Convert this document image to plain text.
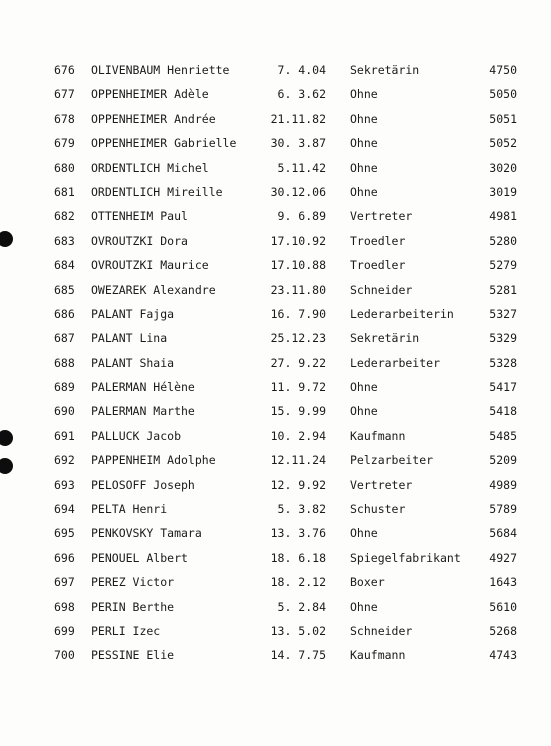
676 OLIVENBAUM Henriette	7. 4.04 Sekretärin	4750
677 OPPENHEIMER Adèle	6. 3.62 Ohne	5050
678 OPPENHEIMER Andrée	21.11.82 Ohne	5051
679 OPPENHEIMER Gabrielle	30. 3.87 Ohne	5052
680 ORDENTLICH Michel	5.11.42 Ohne	3020
681 ORDENTLICH Mireille	30.12.06 Ohne	3019
682 OTTENHEIM Paul	9. 6.89 Vertreter	4981
683 OVROUTZKI Dora	17.10.92 Troedler	5280
684 OVROUTZKI Maurice	17.10.88 Troedler	5279
685 OWEZAREK Alexandre	23.11.80 Schneider	5281
686 PALANT Fajga	16. 7.90 Lederarbeiterin	5327
687 PALANT Lina	25.12.23 Sekretärin	5329
688 PALANT Shaia	27. 9.22 Lederarbeiter	5328
689 PALERMAN Hélène	11. 9.72 Ohne	5417
690 PALERMAN Marthe	15. 9.99 Ohne	5418
691 PALLUCK Jacob	10. 2.94 Kaufmann	5485
692 PAPPENHEIM Adolphe	12.11.24 Pelzarbeiter	5209
693 PELOSOFF Joseph	12. 9.92 Vertreter	4989
694 PELTA Henri	5. 3.82 Schuster	5789
695 PENKOVSKY Tamara	13. 3.76 Ohne	5684
696 PENOUEL Albert	18. 6.18 Spiegelfabrikant	4927
697 PEREZ Victor	18. 2.12 Boxer	1643
698 PERIN Berthe	5. 2.84 Ohne	5610
699 PERLI Izec	13. 5.02 Schneider	5268
700 PESSINE Elie	14. 7.75 Kaufmann	4743
